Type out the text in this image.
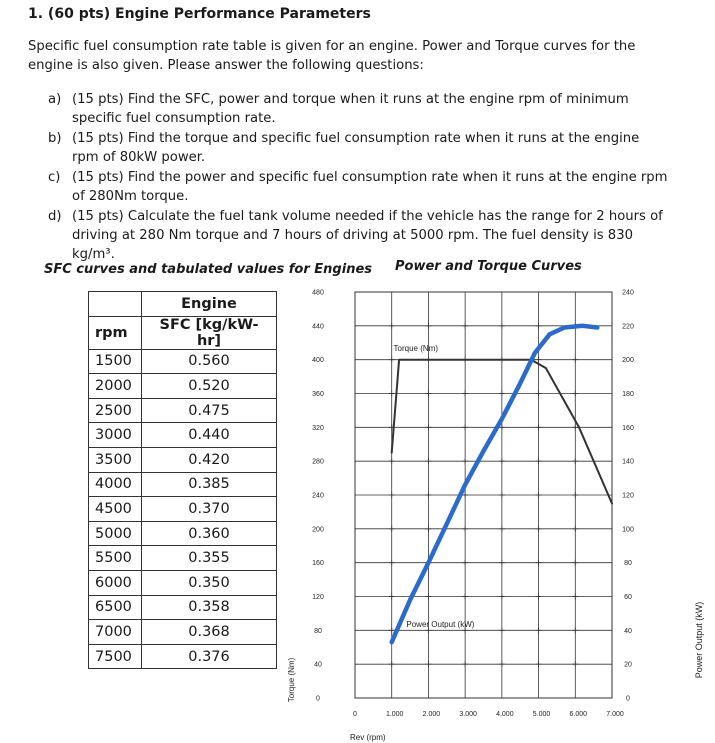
1. (60 pts) Engine Performance Parameters
Specific fuel consumption rate table is given for an engine. Power and Torque curves for the engine is also given. Please answer the following questions:
a) (15 pts) Find the SFC, power and torque when it runs at the engine rpm of minimum specific fuel consumption rate.
b) (15 pts) Find the torque and specific fuel consumption rate when it runs at the engine rpm of 80kW power.
c) (15 pts) Find the power and specific fuel consumption rate when it runs at the engine rpm of 280Nm torque.
d) (15 pts) Calculate the fuel tank volume needed if the vehicle has the range for 2 hours of driving at 280 Nm torque and 7 hours of driving at 5000 rpm. The fuel density is 830 kg/m³.
SFC curves and tabulated values for Engines Power and Torque Curves
	Engine
rpm	SFC [kg/kW-hr]
1500	0.560
2000	0.520
2500	0.475
3000	0.440
3500	0.420
4000	0.385
4500	0.370
5000	0.360
5500	0.355
6000	0.350
6500	0.358
7000	0.368
7500	0.376
0	0
40	20
80	40
120	60
160	80
200	100
240	120
280	140
320	160
360	180
400	200
440	220
480	240
0	1.000	2.000	3.000	4.000	5.000	6.000	7.000
Torque (Nm)
Power Output (kW)
Rev (rpm)
Torque (Nm)
Power Output (kW)
